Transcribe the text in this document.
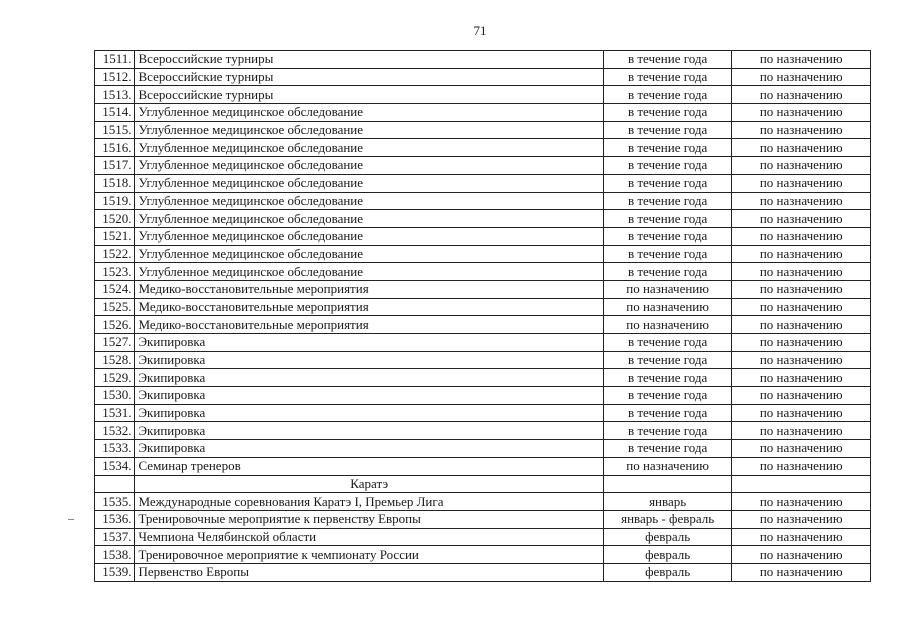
71
1511.	Всероссийские турниры	в течение года	по назначению
1512.	Всероссийские турниры	в течение года	по назначению
1513.	Всероссийские турниры	в течение года	по назначению
1514.	Углубленное медицинское обследование	в течение года	по назначению
1515.	Углубленное медицинское обследование	в течение года	по назначению
1516.	Углубленное медицинское обследование	в течение года	по назначению
1517.	Углубленное медицинское обследование	в течение года	по назначению
1518.	Углубленное медицинское обследование	в течение года	по назначению
1519.	Углубленное медицинское обследование	в течение года	по назначению
1520.	Углубленное медицинское обследование	в течение года	по назначению
1521.	Углубленное медицинское обследование	в течение года	по назначению
1522.	Углубленное медицинское обследование	в течение года	по назначению
1523.	Углубленное медицинское обследование	в течение года	по назначению
1524.	Медико-восстановительные мероприятия	по назначению	по назначению
1525.	Медико-восстановительные мероприятия	по назначению	по назначению
1526.	Медико-восстановительные мероприятия	по назначению	по назначению
1527.	Экипировка	в течение года	по назначению
1528.	Экипировка	в течение года	по назначению
1529.	Экипировка	в течение года	по назначению
1530.	Экипировка	в течение года	по назначению
1531.	Экипировка	в течение года	по назначению
1532.	Экипировка	в течение года	по назначению
1533.	Экипировка	в течение года	по назначению
1534.	Семинар тренеров	по назначению	по назначению
	Каратэ		
1535.	Международные соревнования Каратэ I, Премьер Лига	январь	по назначению
1536.	Тренировочные мероприятие к первенству Европы	январь - февраль	по назначению
1537.	Чемпиона Челябинской области	февраль	по назначению
1538.	Тренировочное мероприятие к чемпионату России	февраль	по назначению
1539.	Первенство Европы	февраль	по назначению
